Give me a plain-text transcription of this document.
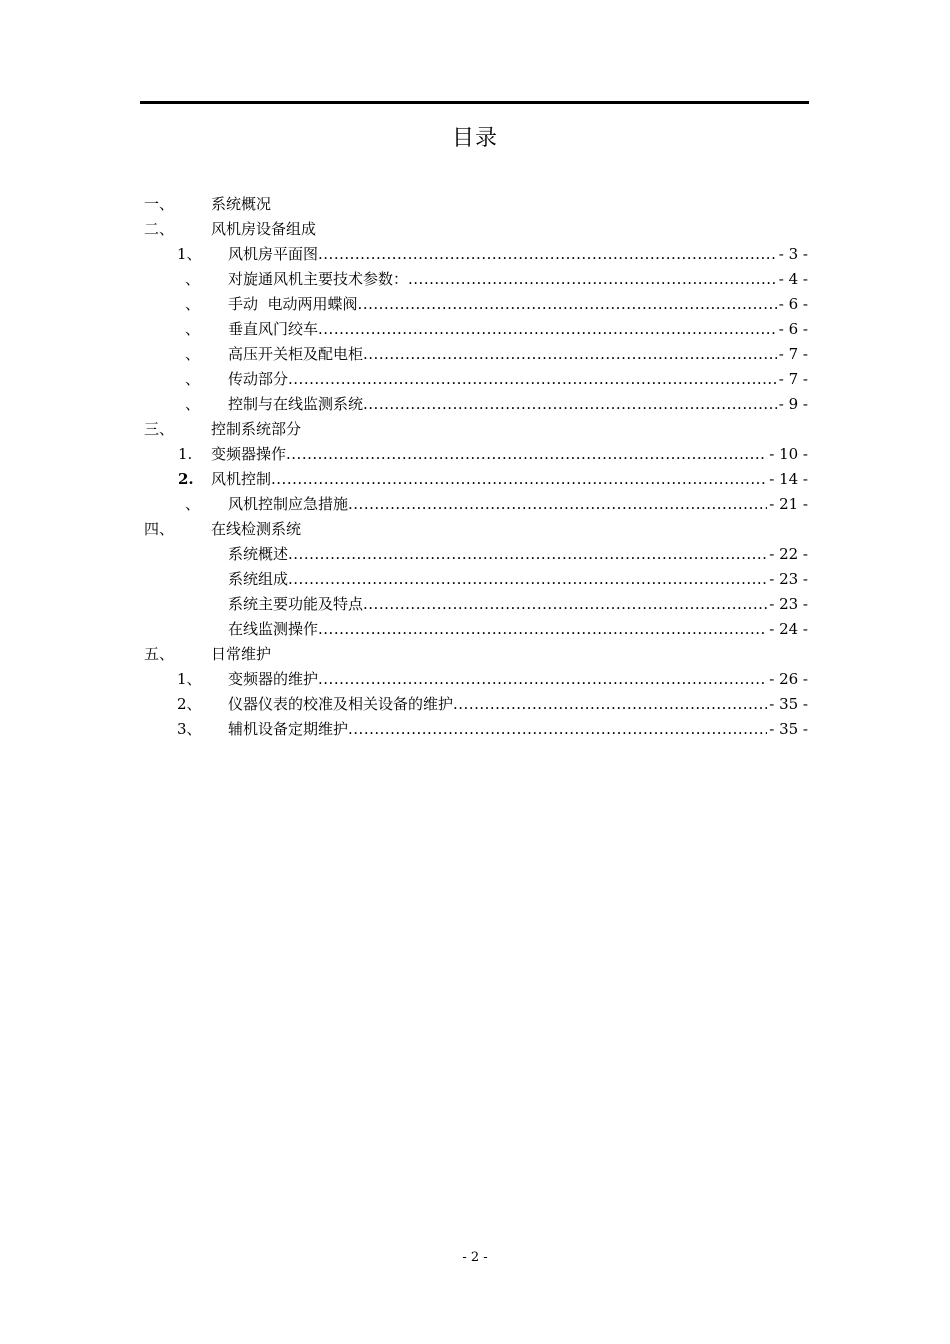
目录
一、 系统概况
二、 风机房设备组成
1、 风机房平面图 .....	- 3 -
、 对旋通风机主要技术参数： .....	- 4 -
、 手动  电动两用蝶阀 .....	- 6 -
、 垂直风门绞车 .....	- 6 -
、 高压开关柜及配电柜 .....	- 7 -
、 传动部分 .....	- 7 -
、 控制与在线监测系统 .....	- 9 -
三、 控制系统部分
1. 变频器操作 .....	- 10 -
2. 风机控制 .....	- 14 -
、 风机控制应急措施 .....	- 21 -
四、 在线检测系统
系统概述 .....	- 22 -
系统组成 .....	- 23 -
系统主要功能及特点 .....	- 23 -
在线监测操作 .....	- 24 -
五、 日常维护
1、 变频器的维护 .....	- 26 -
2、 仪器仪表的校准及相关设备的维护 .....	- 35 -
3、 辅机设备定期维护 .....	- 35 -
- 2 -
